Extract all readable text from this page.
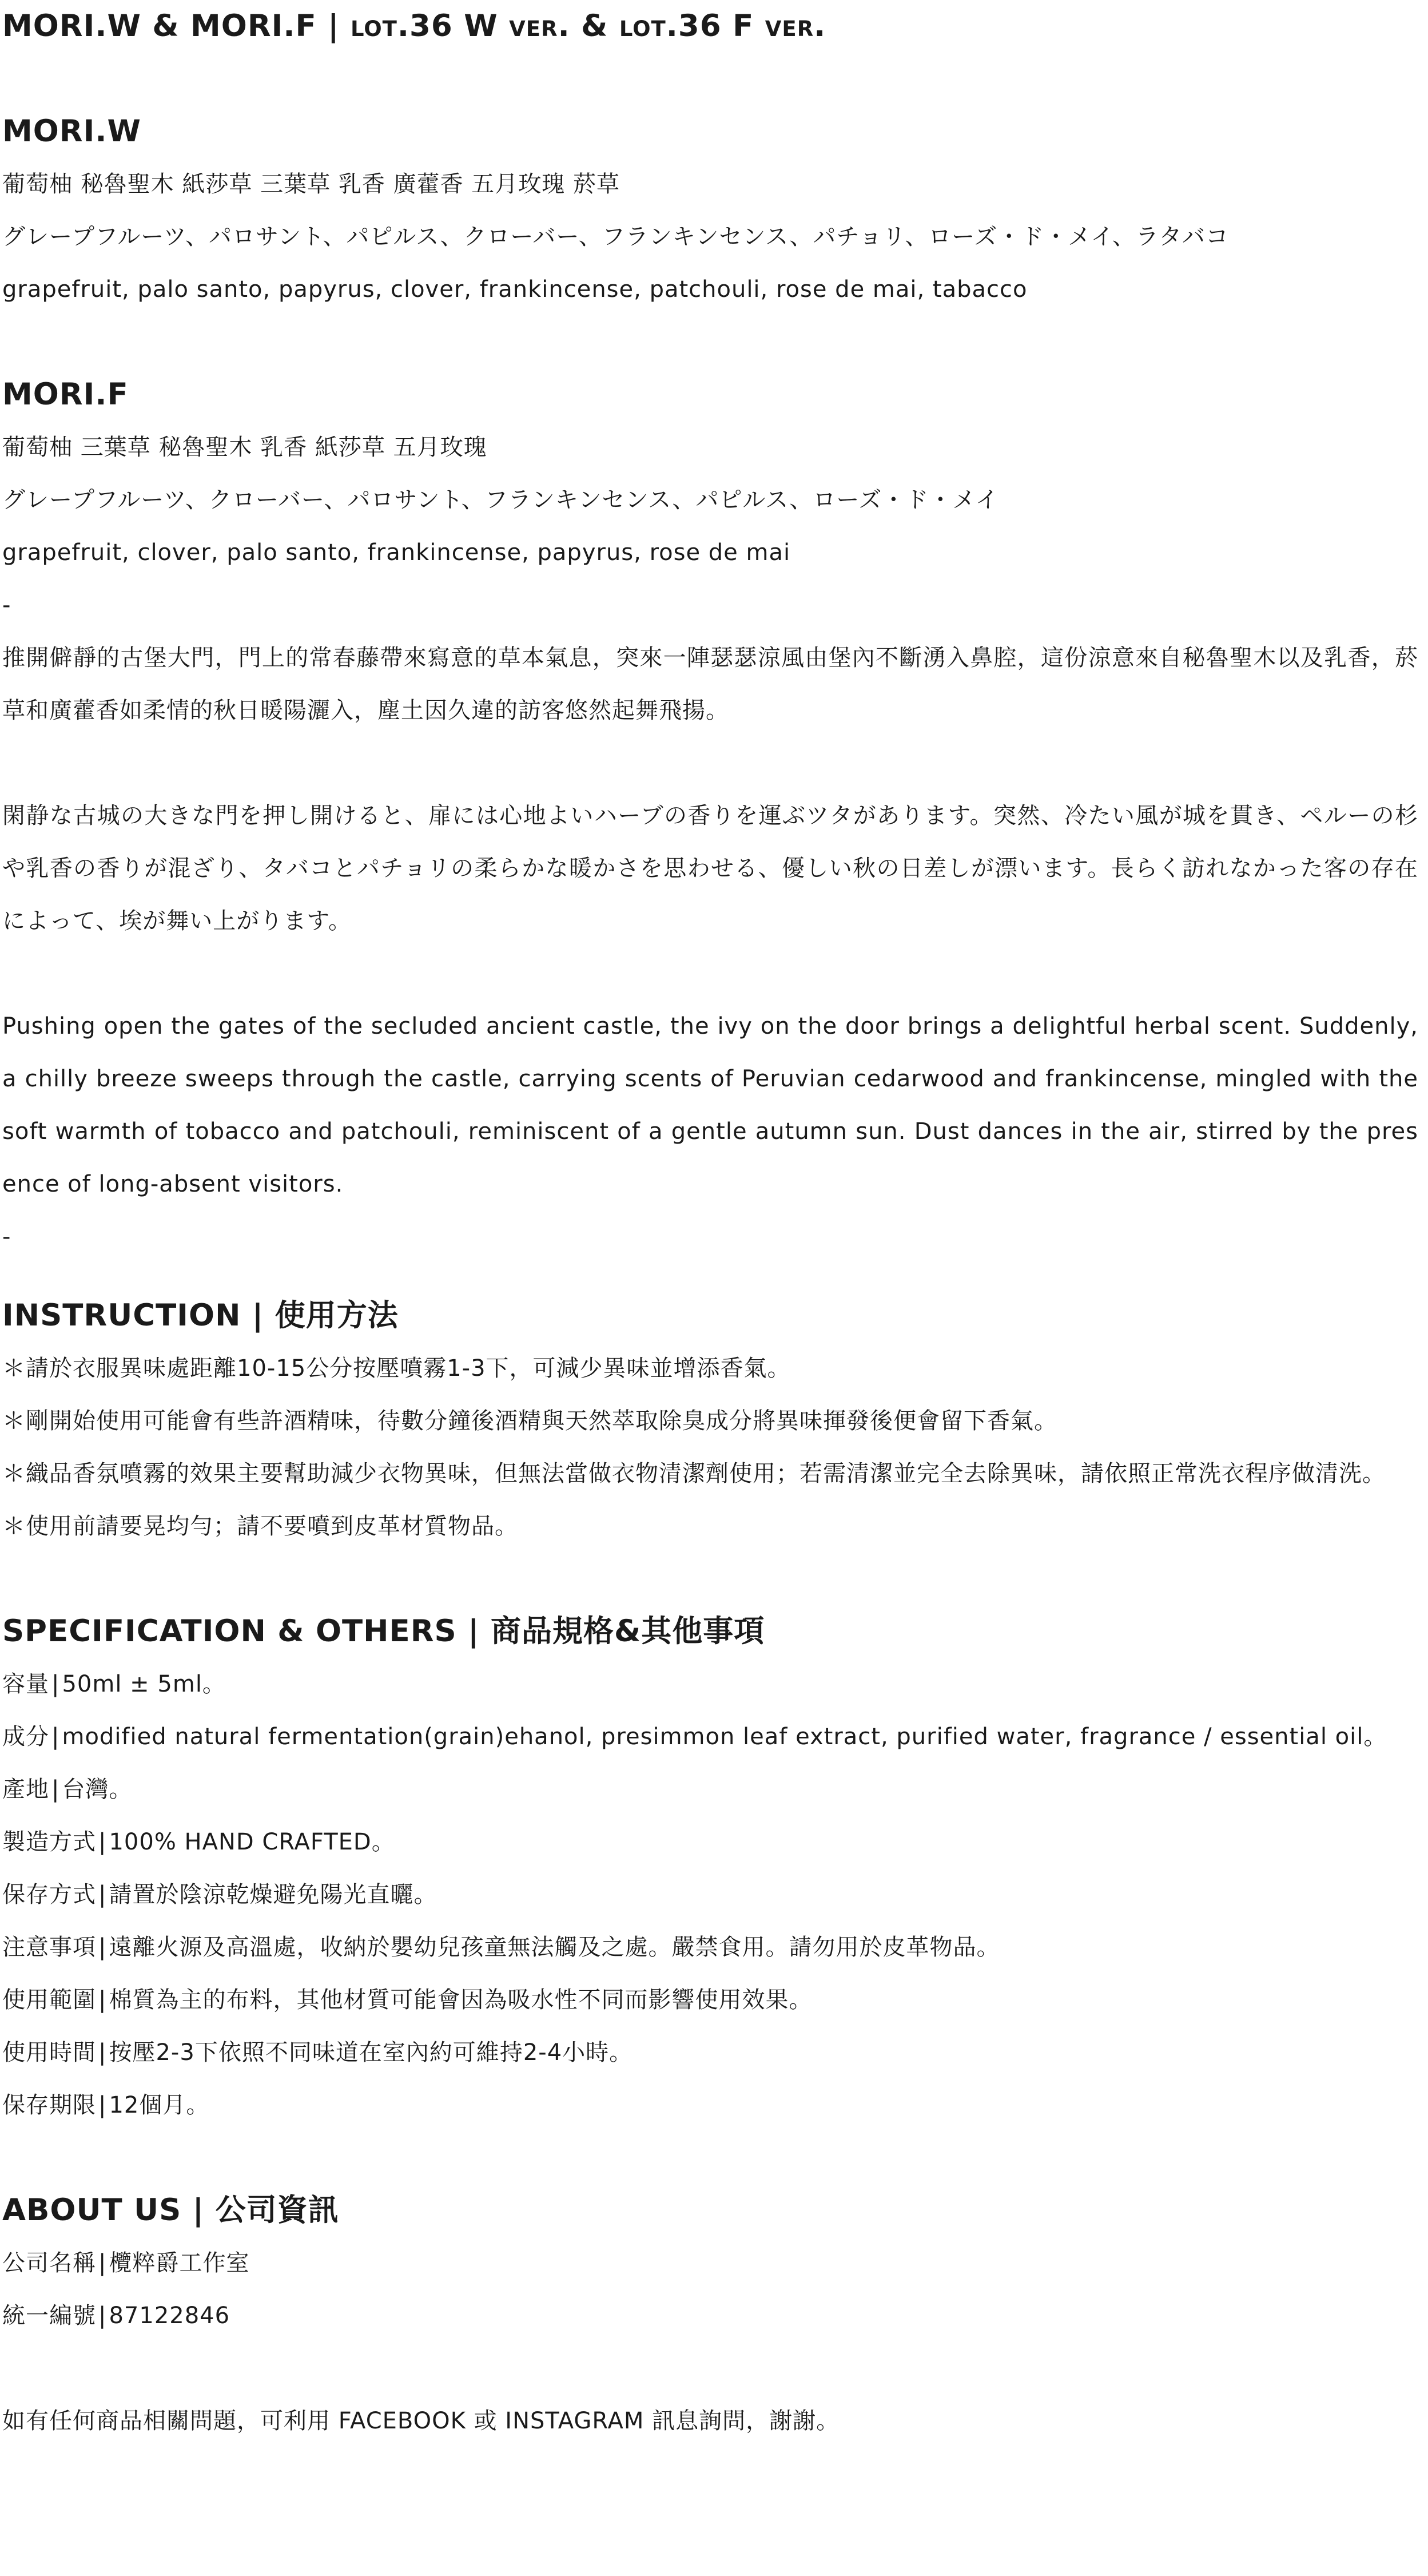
MORI.W & MORI.F | lot.36 W ver. & lot.36 F ver.
MORI.W

葡萄柚 秘魯聖木 紙莎草 三葉草 乳香 廣藿香 五月玫瑰 菸草

グレープフルーツ、パロサント、パピルス、クローバー、フランキンセンス、パチョリ、ローズ・ド・メイ、ラタバコ

grapefruit, palo santo, papyrus, clover, frankincense, patchouli, rose de mai, tabacco

MORI.F

葡萄柚 三葉草 秘魯聖木 乳香 紙莎草 五月玫瑰

グレープフルーツ、クローバー、パロサント、フランキンセンス、パピルス、ローズ・ド・メイ

grapefruit, clover, palo santo, frankincense, papyrus, rose de mai

-

推開僻靜的古堡大門，門上的常春藤帶來寫意的草本氣息，突來一陣瑟瑟涼風由堡內不斷湧入鼻腔，這份涼意來自秘魯聖木以及乳香，菸草和廣藿香如柔情的秋日暖陽灑入，塵土因久違的訪客悠然起舞飛揚。

閑静な古城の大きな門を押し開けると、扉には心地よいハーブの香りを運ぶツタがあります。突然、冷たい風が城を貫き、ペルーの杉や乳香の香りが混ざり、タバコとパチョリの柔らかな暖かさを思わせる、優しい秋の日差しが漂います。長らく訪れなかった客の存在によって、埃が舞い上がります。

Pushing open the gates of the secluded ancient castle, the ivy on the door brings a delightful herbal scent. Suddenly, a chilly breeze sweeps through the castle, carrying scents of Peruvian cedarwood and frankincense, mingled with the soft warmth of tobacco and patchouli, reminiscent of a gentle autumn sun. Dust dances in the air, stirred by the presence of long-absent visitors.

-

INSTRUCTION | 使用方法

＊請於衣服異味處距離10-15公分按壓噴霧1-3下，可減少異味並增添香氣。

＊剛開始使用可能會有些許酒精味，待數分鐘後酒精與天然萃取除臭成分將異味揮發後便會留下香氣。

＊織品香氛噴霧的效果主要幫助減少衣物異味，但無法當做衣物清潔劑使用；若需清潔並完全去除異味，請依照正常洗衣程序做清洗。

＊使用前請要晃均勻；請不要噴到皮革材質物品。

SPECIFICATION & OTHERS | 商品規格&其他事項

容量 | 50ml ± 5ml。

成分 | modified natural fermentation(grain)ehanol, presimmon leaf extract, purified water, fragrance / essential oil。

產地 | 台灣。

製造方式 | 100% HAND CRAFTED。

保存方式 | 請置於陰涼乾燥避免陽光直曬。

注意事項 | 遠離火源及高溫處，收納於嬰幼兒孩童無法觸及之處。嚴禁食用。請勿用於皮革物品。

使用範圍 | 棉質為主的布料，其他材質可能會因為吸水性不同而影響使用效果。

使用時間 | 按壓2-3下依照不同味道在室內約可維持2-4小時。

保存期限 | 12個月。

ABOUT US | 公司資訊

公司名稱 | 欖粹爵工作室

統一編號 | 87122846

如有任何商品相關問題，可利用 FACEBOOK 或 INSTAGRAM 訊息詢問，謝謝。
